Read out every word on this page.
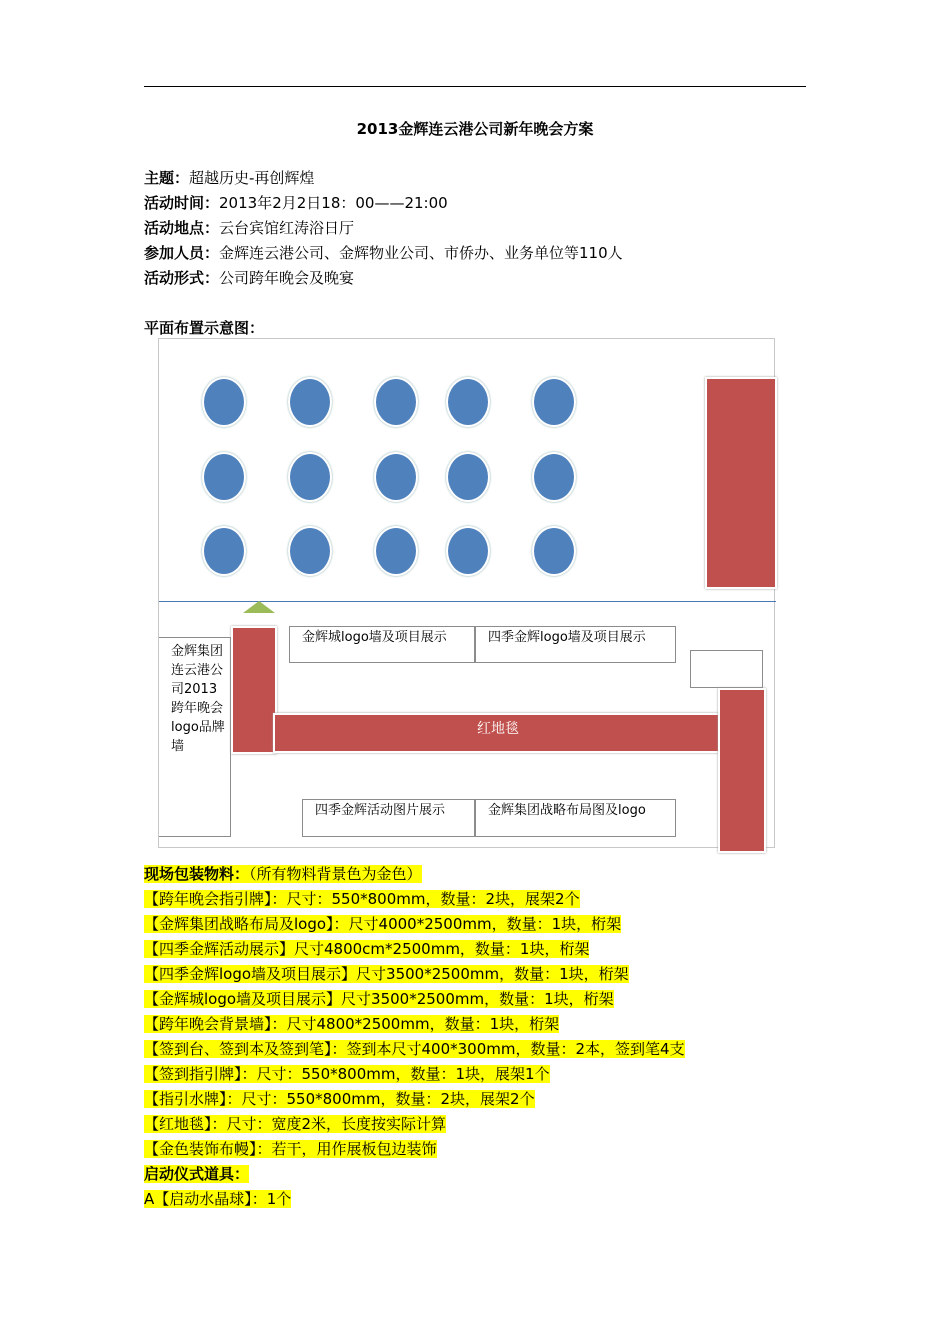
2013金辉连云港公司新年晚会方案
主题：超越历史-再创辉煌
活动时间：2013年2月2日18：00——21:00
活动地点：云台宾馆红涛浴日厅
参加人员：金辉连云港公司、金辉物业公司、市侨办、业务单位等110人
活动形式：公司跨年晚会及晚宴
平面布置示意图：
金辉集团连云港公司2013跨年晚会logo品牌墙
金辉城logo墙及项目展示	四季金辉logo墙及项目展示
红地毯
四季金辉活动图片展示	金辉集团战略布局图及logo
现场包装物料：（所有物料背景色为金色）
【跨年晚会指引牌】：尺寸：550*800mm，数量：2块，展架2个
【金辉集团战略布局及logo】：尺寸4000*2500mm，数量：1块，桁架
【四季金辉活动展示】尺寸4800cm*2500mm，数量：1块，桁架
【四季金辉logo墙及项目展示】尺寸3500*2500mm，数量：1块，桁架
【金辉城logo墙及项目展示】尺寸3500*2500mm，数量：1块，桁架
【跨年晚会背景墙】：尺寸4800*2500mm，数量：1块，桁架
【签到台、签到本及签到笔】：签到本尺寸400*300mm，数量：2本，签到笔4支
【签到指引牌】：尺寸：550*800mm，数量：1块，展架1个
【指引水牌】：尺寸：550*800mm，数量：2块，展架2个
【红地毯】：尺寸：宽度2米，长度按实际计算
【金色装饰布幔】：若干，用作展板包边装饰
启动仪式道具：
A【启动水晶球】：1个
